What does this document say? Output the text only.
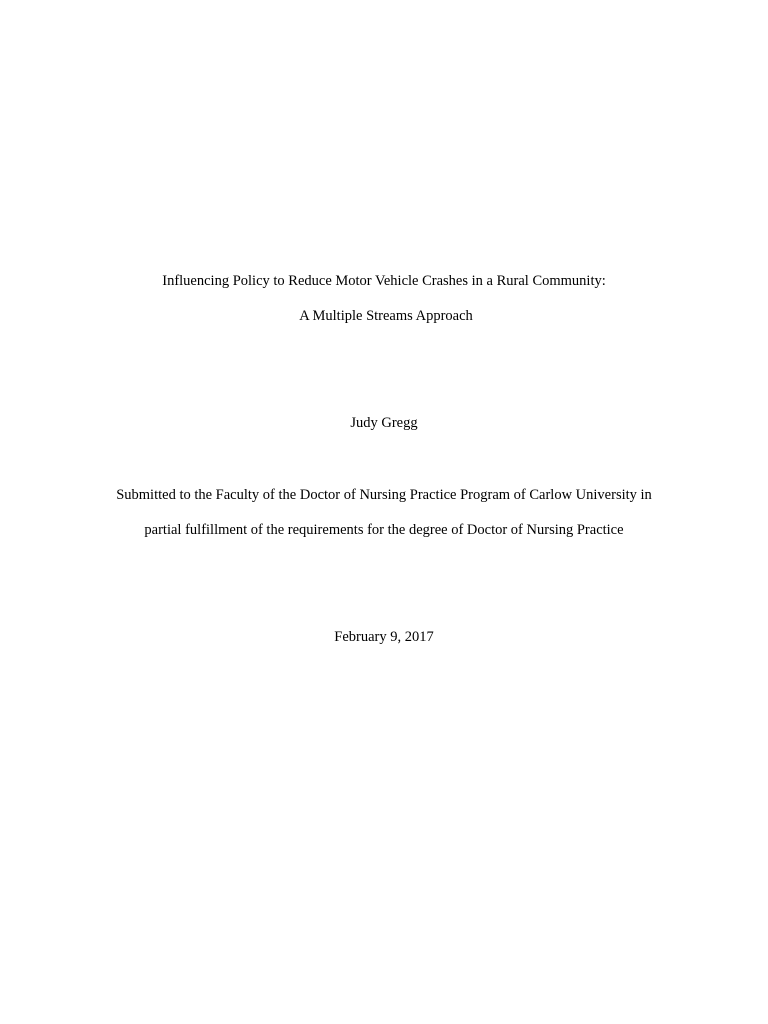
Influencing Policy to Reduce Motor Vehicle Crashes in a Rural Community:
A Multiple Streams Approach
Judy Gregg
Submitted to the Faculty of the Doctor of Nursing Practice Program of Carlow University in
partial fulfillment of the requirements for the degree of Doctor of Nursing Practice
February 9, 2017
